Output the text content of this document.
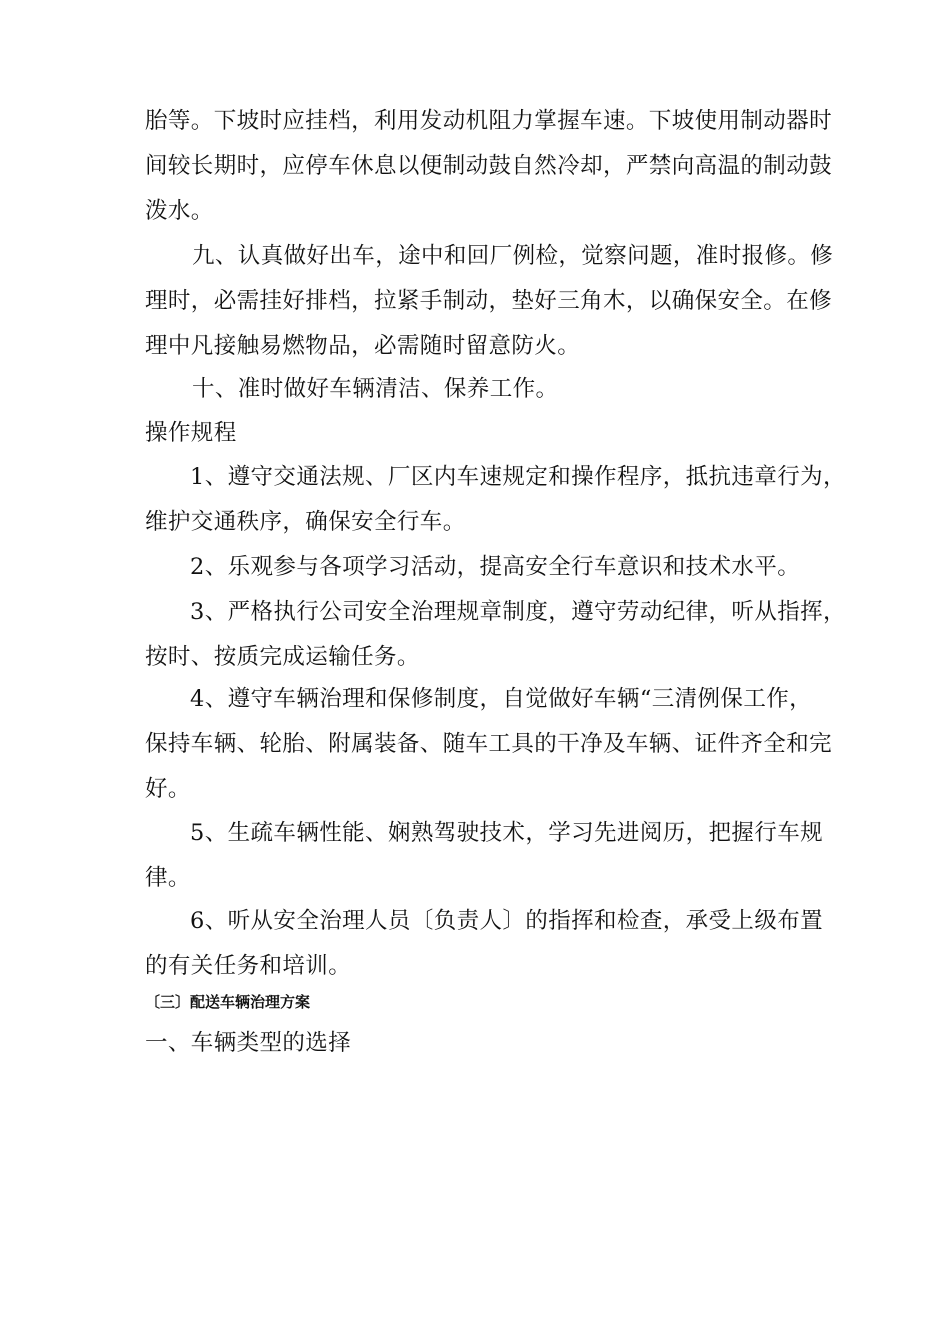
胎等。下坡时应挂档，利用发动机阻力掌握车速。下坡使用制动器时
间较长期时，应停车休息以便制动鼓自然冷却，严禁向高温的制动鼓
泼水。
九、认真做好出车，途中和回厂例检，觉察问题，准时报修。修
理时，必需挂好排档，拉紧手制动，垫好三角木，以确保安全。在修
理中凡接触易燃物品，必需随时留意防火。
十、准时做好车辆清洁、保养工作。
操作规程
1、遵守交通法规、厂区内车速规定和操作程序，抵抗违章行为，
维护交通秩序，确保安全行车。
2、乐观参与各项学习活动，提高安全行车意识和技术水平。
3、严格执行公司安全治理规章制度，遵守劳动纪律，听从指挥，
按时、按质完成运输任务。
4、遵守车辆治理和保修制度，自觉做好车辆“三清例保工作，
保持车辆、轮胎、附属装备、随车工具的干净及车辆、证件齐全和完
好。
5、生疏车辆性能、娴熟驾驶技术，学习先进阅历，把握行车规
律。
6、听从安全治理人员〔负责人〕的指挥和检查，承受上级布置
的有关任务和培训。
〔三〕配送车辆治理方案
一、车辆类型的选择
